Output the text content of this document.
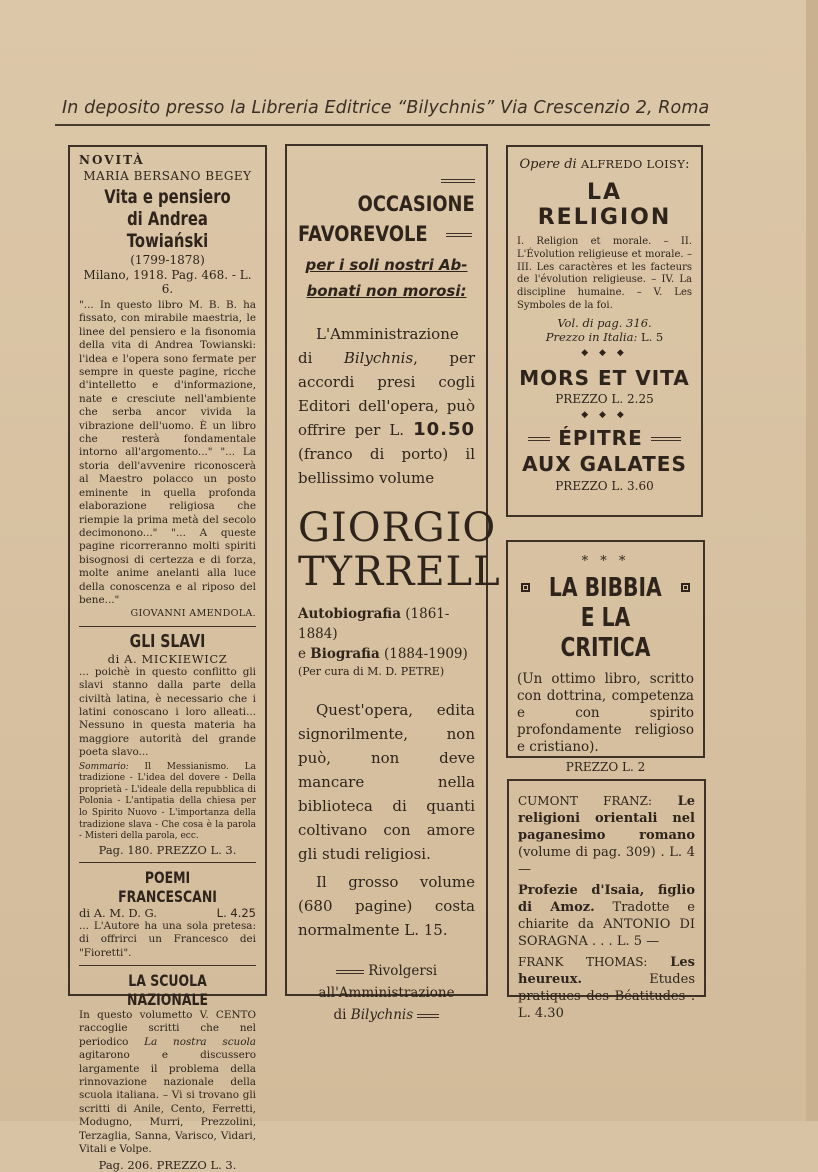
In deposito presso la Libreria Editrice “Bilychnis” Via Crescenzio 2, Roma
NOVITÀ
MARIA BERSANO BEGEY
Vita e pensiero
di Andrea Towiański
(1799-1878)
Milano, 1918. Pag. 468. - L. 6.
"... In questo libro M. B. B. ha fissato, con mirabile maestria, le linee del pensiero e la fisonomia della vita di Andrea Towianski: l'idea e l'opera sono fermate per sempre in queste pagine, ricche d'intelletto e d'informazione, nate e cresciute nell'ambiente che serba ancor vivida la vibrazione dell'uomo. È un libro che resterà fondamentale intorno all'argomento..." "... La storia dell'avvenire riconoscerà al Maestro polacco un posto eminente in quella profonda elaborazione religiosa che riempie la prima metà del secolo decimonono..." "... A queste pagine ricorreranno molti spiriti bisognosi di certezza e di forza, molte anime anelanti alla luce della conoscenza e al riposo del bene..."
GIOVANNI AMENDOLA.
GLI SLAVI
di A. MICKIEWICZ
... poichè in questo conflitto gli slavi stanno dalla parte della civiltà latina, è necessario che i latini conoscano i loro alleati... Nessuno in questa materia ha maggiore autorità del grande poeta slavo...
Sommario: Il Messianismo. La tradizione - L'idea del dovere - Della proprietà - L'ideale della repubblica di Polonia - L'antipatia della chiesa per lo Spirito Nuovo - L'importanza della tradizione slava - Che cosa è la parola - Misteri della parola, ecc.
Pag. 180. PREZZO L. 3.
POEMI FRANCESCANI
di A. M. D. G.	L. 4.25
... L'Autore ha una sola pretesa: di offrirci un Francesco dei "Fioretti".
LA SCUOLA NAZIONALE
In questo volumetto V. CENTO raccoglie scritti che nel periodico La nostra scuola agitarono e discussero largamente il problema della rinnovazione nazionale della scuola italiana. – Vi si trovano gli scritti di Anile, Cento, Ferretti, Modugno, Murri, Prezzolini, Terzaglia, Sanna, Varisco, Vidari, Vitali e Volpe.
Pag. 206. PREZZO L. 3.
OCCASIONE
FAVOREVOLE
per i soli nostri Ab-
bonati non morosi:
L'Amministrazione di Bilychnis, per accordi presi cogli Editori dell'opera, può offrire per L. 10.50 (franco di porto) il bellissimo volume
GIORGIO
TYRRELL
Autobiografia (1861-1884)
e Biografia (1884-1909)
(Per cura di M. D. PETRE)
Quest'opera, edita signorilmente, non può, non deve mancare nella biblioteca di quanti coltivano con amore gli studi religiosi.
Il grosso volume (680 pagine) costa normalmente L. 15.
Rivolgersi
all'Amministrazione
di Bilychnis
Opere di ALFREDO LOISY:
LA RELIGION
I. Religion et morale. – II. L'Évolution religieuse et morale. – III. Les caractères et les facteurs de l'évolution religieuse. – IV. La discipline humaine. – V. Les Symboles de la foi.
Vol. di pag. 316.
Prezzo in Italia: L. 5
◆ ◆ ◆
MORS ET VITA
PREZZO L. 2.25
◆ ◆ ◆
ÉPITRE
AUX GALATES
PREZZO L. 3.60
* * *
LA BIBBIA
E LA CRITICA
(Un ottimo libro, scritto con dottrina, competenza e con spirito profondamente religioso e cristiano).
PREZZO L. 2
CUMONT FRANZ: Le religioni orientali nel paganesimo romano (volume di pag. 309) . L. 4 —
Profezie d'Isaia, figlio di Amoz. Tradotte e chiarite da ANTONIO DI SORAGNA . . . L. 5 —
FRANK THOMAS: Les heureux.	Etudes pratiques des Béatitudes . L. 4.30
